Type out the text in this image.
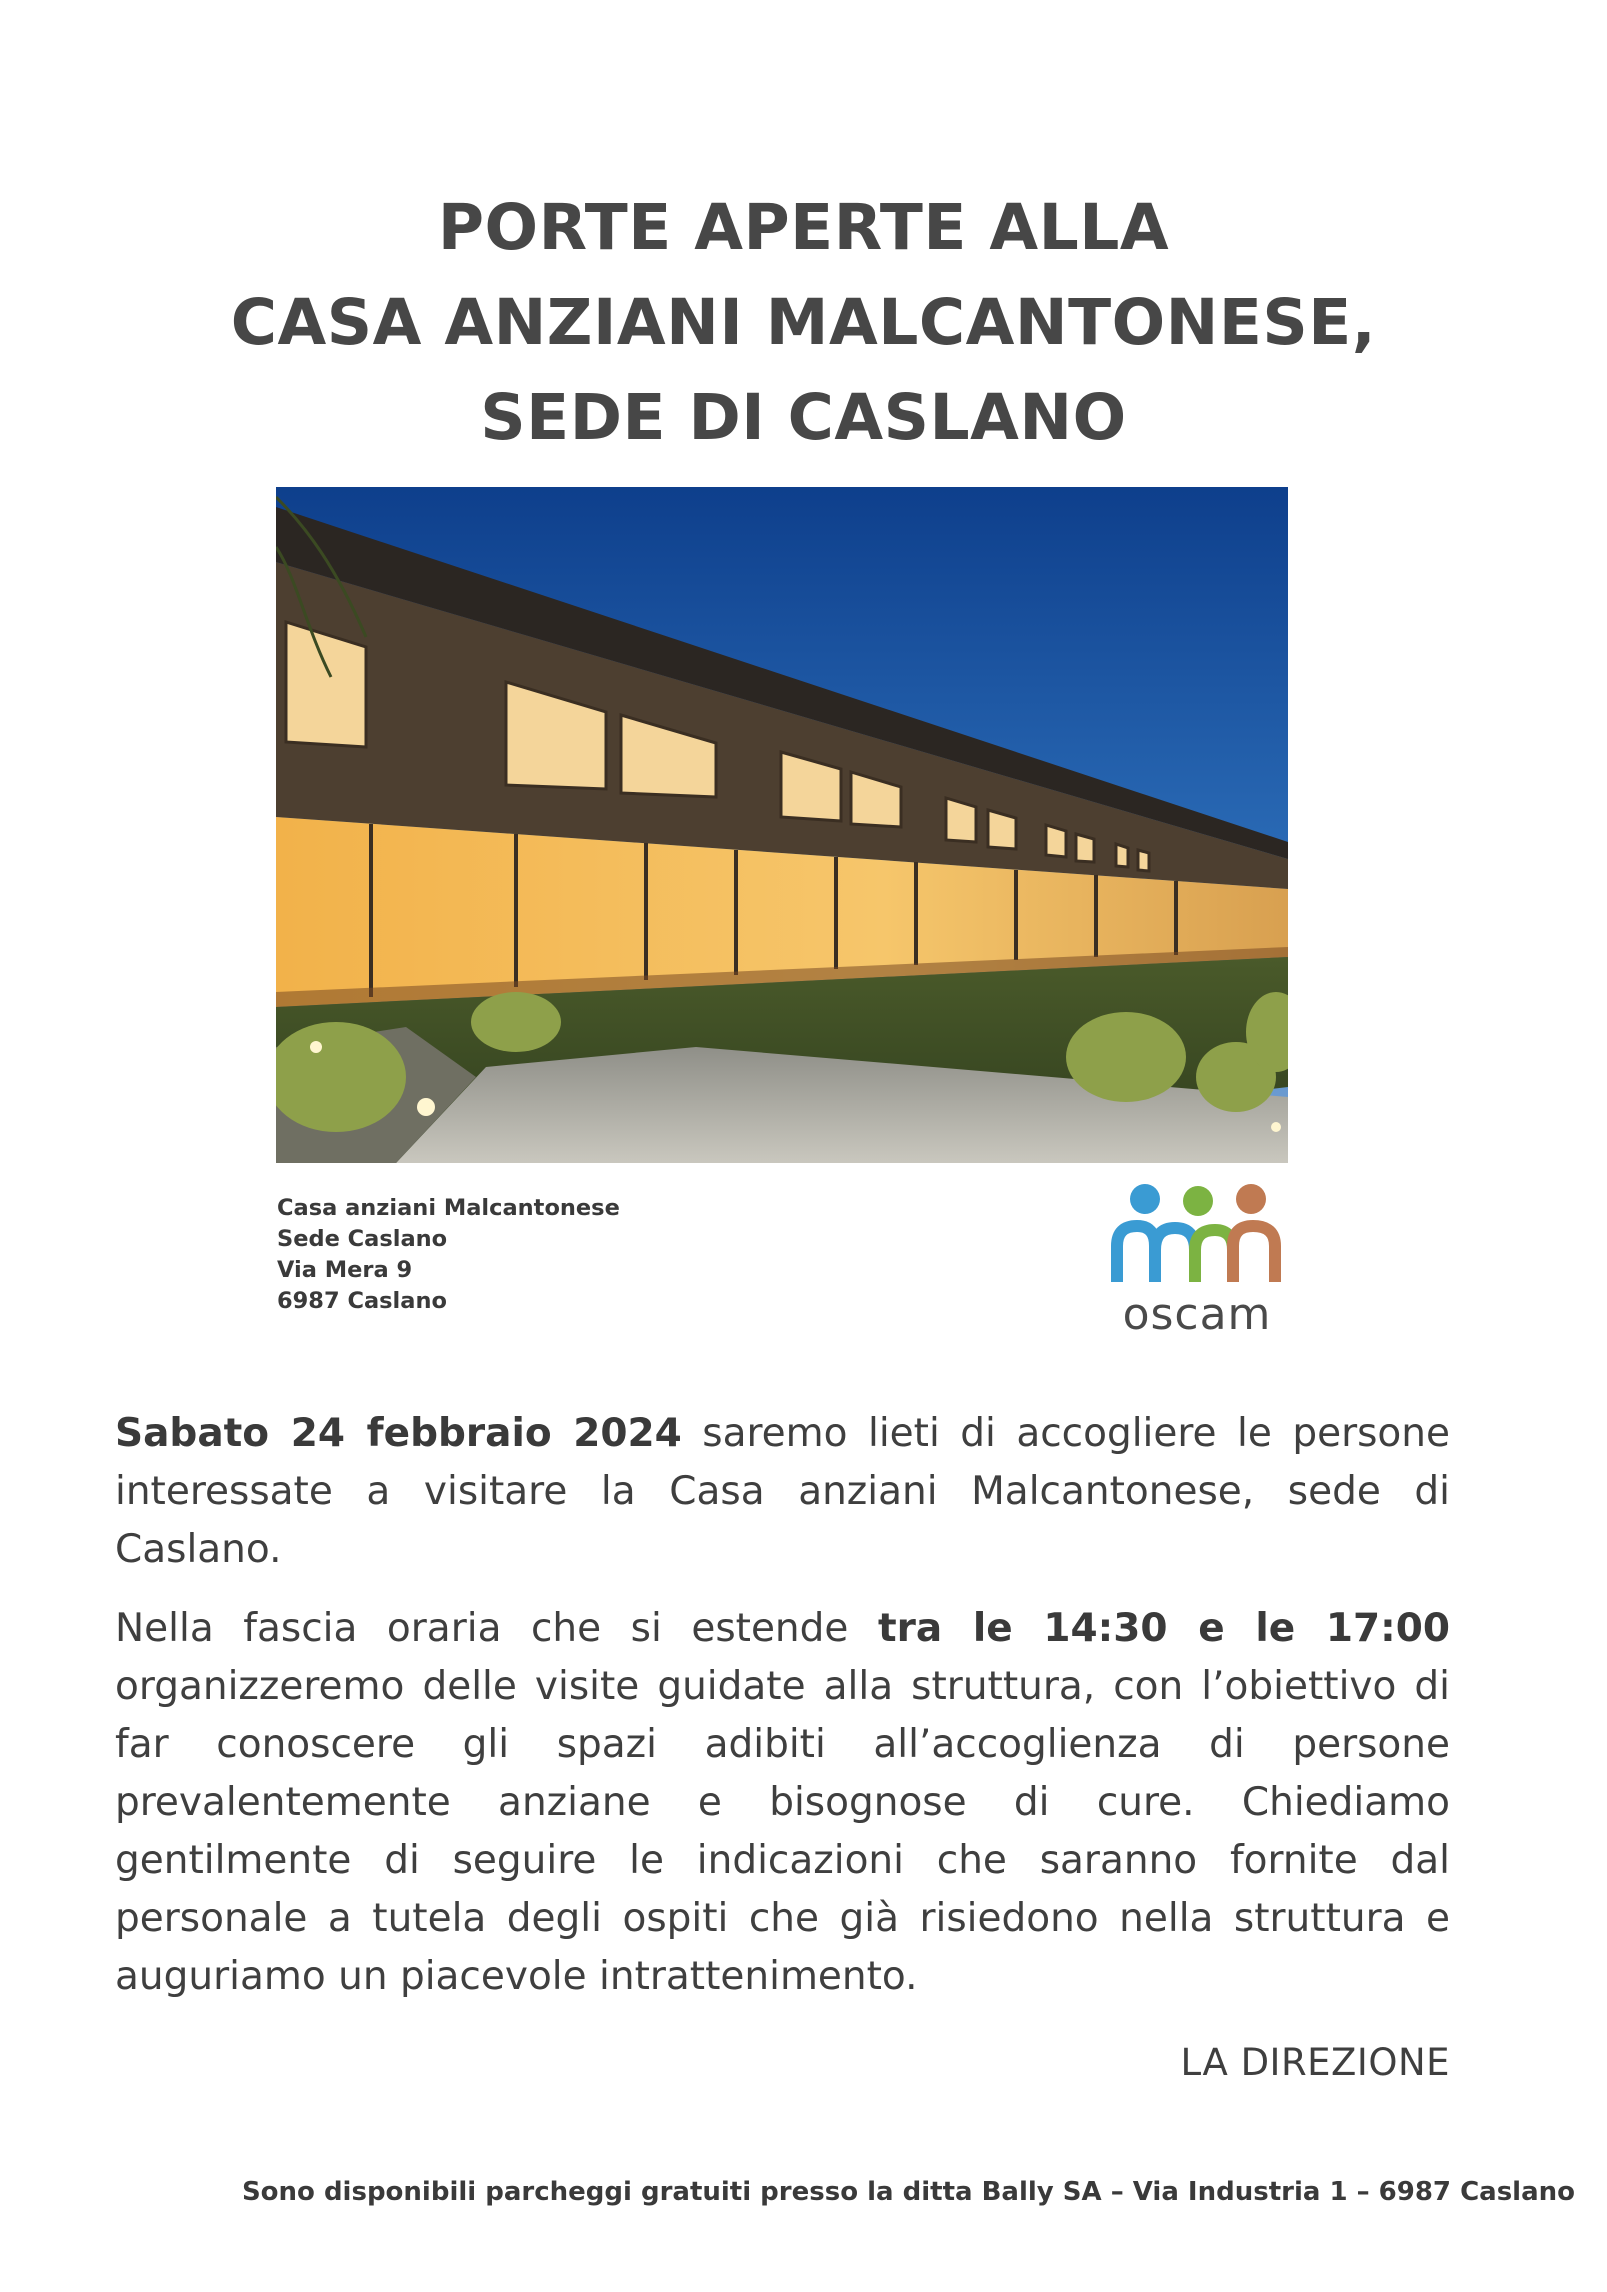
PORTE APERTE ALLA
CASA ANZIANI MALCANTONESE,
SEDE DI CASLANO
Casa anziani Malcantonese
Sede Caslano
Via Mera 9
6987 Caslano	oscam
Sabato 24 febbraio 2024 saremo lieti di accogliere le persone interessate a visitare la Casa anziani Malcantonese, sede di Caslano.
Nella fascia oraria che si estende tra le 14:30 e le 17:00 organizzeremo delle visite guidate alla struttura, con l’obiettivo di far conoscere gli spazi adibiti all’accoglienza di persone prevalentemente anziane e bisognose di cure. Chiediamo gentilmente di seguire le indicazioni che saranno fornite dal personale a tutela degli ospiti che già risiedono nella struttura e auguriamo un piacevole intrattenimento.
LA DIREZIONE
Sono disponibili parcheggi gratuiti presso la ditta Bally SA – Via Industria 1 – 6987 Caslano
